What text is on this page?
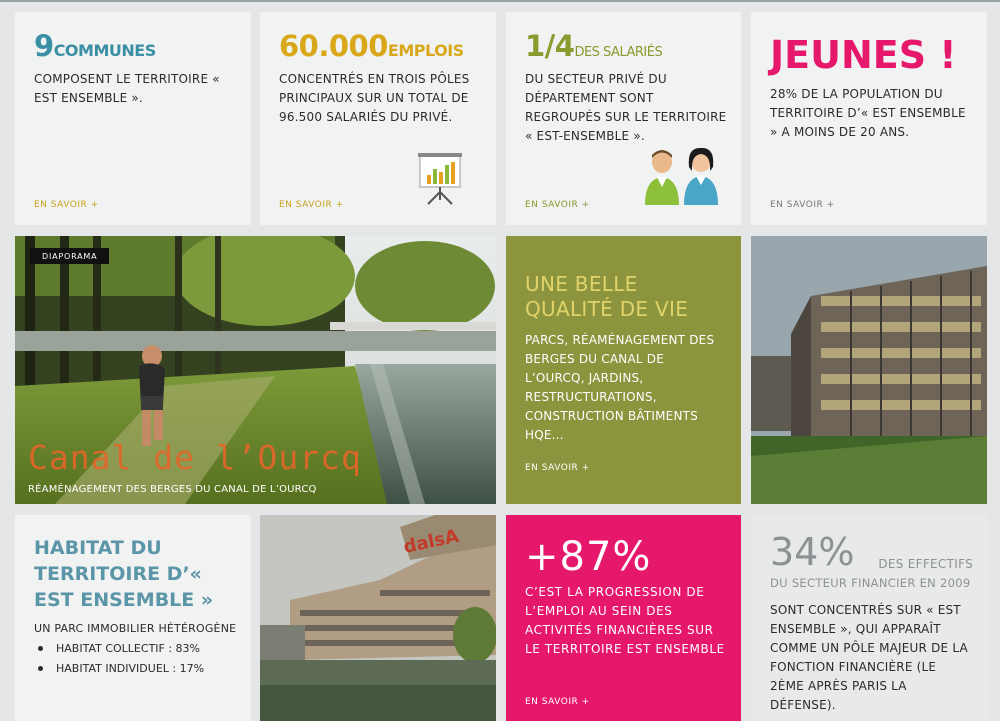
9COMMUNES
COMPOSENT LE TERRITOIRE « EST ENSEMBLE ».
EN SAVOIR +
60.000EMPLOIS
CONCENTRÉS EN TROIS PÔLES PRINCIPAUX SUR UN TOTAL DE 96.500 SALARIÉS DU PRIVÉ.
EN SAVOIR +
1/4DES SALARIÉS
DU SECTEUR PRIVÉ DU DÉPARTEMENT SONT REGROUPÉS SUR LE TERRITOIRE « EST-ENSEMBLE ».
EN SAVOIR +
JEUNES !
28% DE LA POPULATION DU TERRITOIRE D’« EST ENSEMBLE » A MOINS DE 20 ANS.
EN SAVOIR +
DIAPORAMA
Canal de l’Ourcq
RÉAMÉNAGEMENT DES BERGES DU CANAL DE L’OURCQ
UNE BELLE QUALITÉ DE VIE
PARCS, RÉAMÉNAGEMENT DES BERGES DU CANAL DE L’OURCQ, JARDINS, RESTRUCTURATIONS, CONSTRUCTION BÂTIMENTS HQE...
EN SAVOIR +
HABITAT DU TERRITOIRE D’« EST ENSEMBLE »
UN PARC IMMOBILIER HÉTÉROGÈNE
HABITAT COLLECTIF : 83%
HABITAT INDIVIDUEL : 17%
dalsA +87%
C’EST LA PROGRESSION DE L’EMPLOI AU SEIN DES ACTIVITÉS FINANCIÈRES SUR LE TERRITOIRE EST ENSEMBLE
EN SAVOIR +
34%	DES EFFECTIFS
DU SECTEUR FINANCIER EN 2009
SONT CONCENTRÉS SUR « EST ENSEMBLE », QUI APPARAÎT COMME UN PÔLE MAJEUR DE LA FONCTION FINANCIÈRE (LE 2ÈME APRÈS PARIS LA DÉFENSE).
